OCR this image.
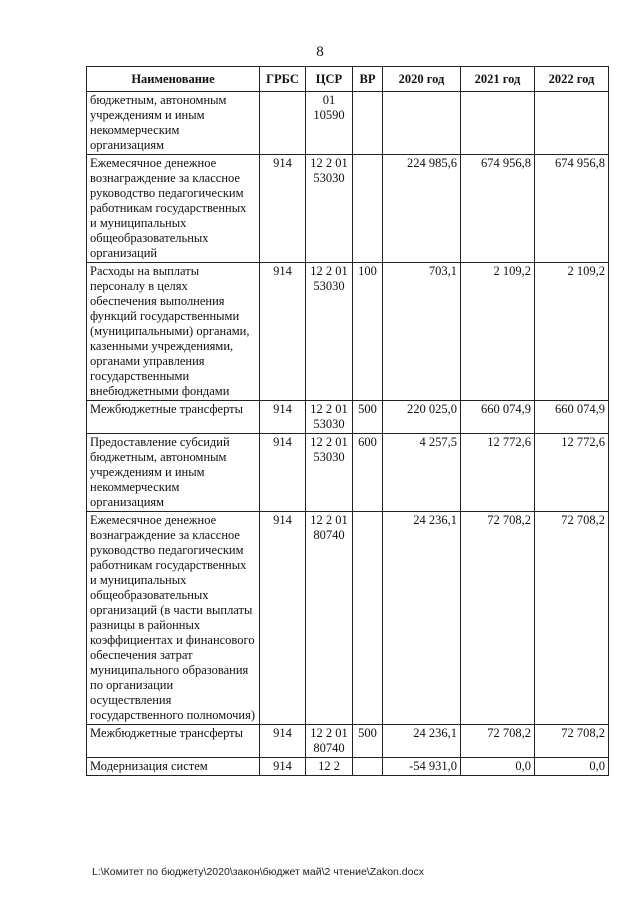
8
Наименование	ГРБС	ЦСР	ВР	2020 год	2021 год	2022 год
бюджетным, автономным учреждениям и иным некоммерческим организациям		01 10590				
Ежемесячное денежное вознаграждение за классное руководство педагогическим работникам государственных и муниципальных общеобразовательных организаций	914	12 2 01 53030		224 985,6	674 956,8	674 956,8
Расходы на выплаты персоналу в целях обеспечения выполнения функций государственными (муниципальными) органами, казенными учреждениями, органами управления государственными внебюджетными фондами	914	12 2 01 53030	100	703,1	2 109,2	2 109,2
Межбюджетные трансферты	914	12 2 01 53030	500	220 025,0	660 074,9	660 074,9
Предоставление субсидий бюджетным, автономным учреждениям и иным некоммерческим организациям	914	12 2 01 53030	600	4 257,5	12 772,6	12 772,6
Ежемесячное денежное вознаграждение за классное руководство педагогическим работникам государственных и муниципальных общеобразовательных организаций (в части выплаты разницы в районных коэффициентах и финансового обеспечения затрат муниципального образования по организации осуществления государственного полномочия)	914	12 2 01 80740		24 236,1	72 708,2	72 708,2
Межбюджетные трансферты	914	12 2 01 80740	500	24 236,1	72 708,2	72 708,2
Модернизация систем	914	12 2		-54 931,0	0,0	0,0
L:\Комитет по бюджету\2020\закон\бюджет май\2 чтение\Zakon.docx
